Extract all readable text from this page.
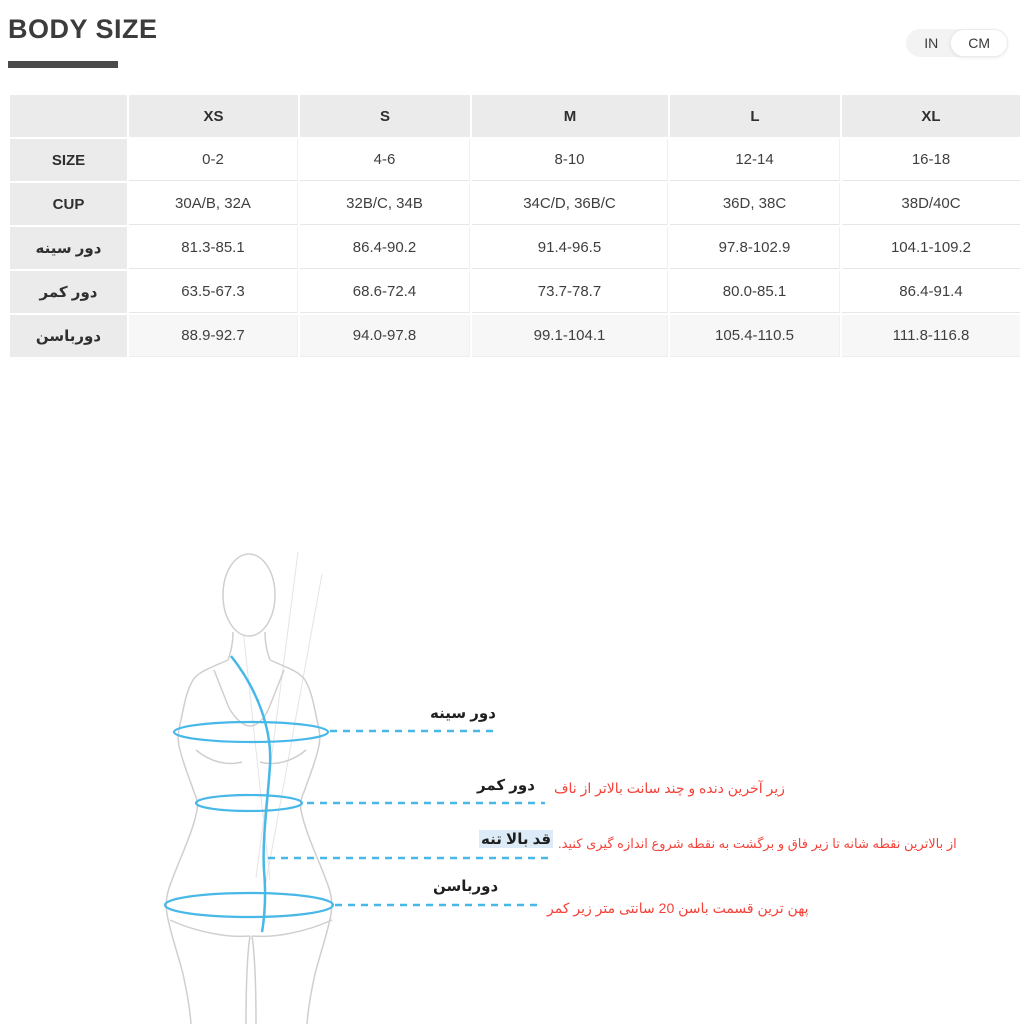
BODY SIZE	IN	CM
	XS	S	M	L	XL
SIZE	0-2	4-6	8-10	12-14	16-18
CUP	30A/B, 32A	32B/C, 34B	34C/D, 36B/C	36D, 38C	38D/40C
دور سینه	81.3-85.1	86.4-90.2	91.4-96.5	97.8-102.9	104.1-109.2
دور کمر	63.5-67.3	68.6-72.4	73.7-78.7	80.0-85.1	86.4-91.4
دورباسن	88.9-92.7	94.0-97.8	99.1-104.1	105.4-110.5	111.8-116.8
دور سینه
دور کمر زیر آخرین دنده و چند سانت بالاتر از ناف
قد بالا تنه از بالاترین نقطه شانه تا زیر فاق و برگشت به نقطه شروع اندازه گیری کنید.
دورباسن
پهن ترین قسمت باسن 20 سانتی متر زیر کمر
